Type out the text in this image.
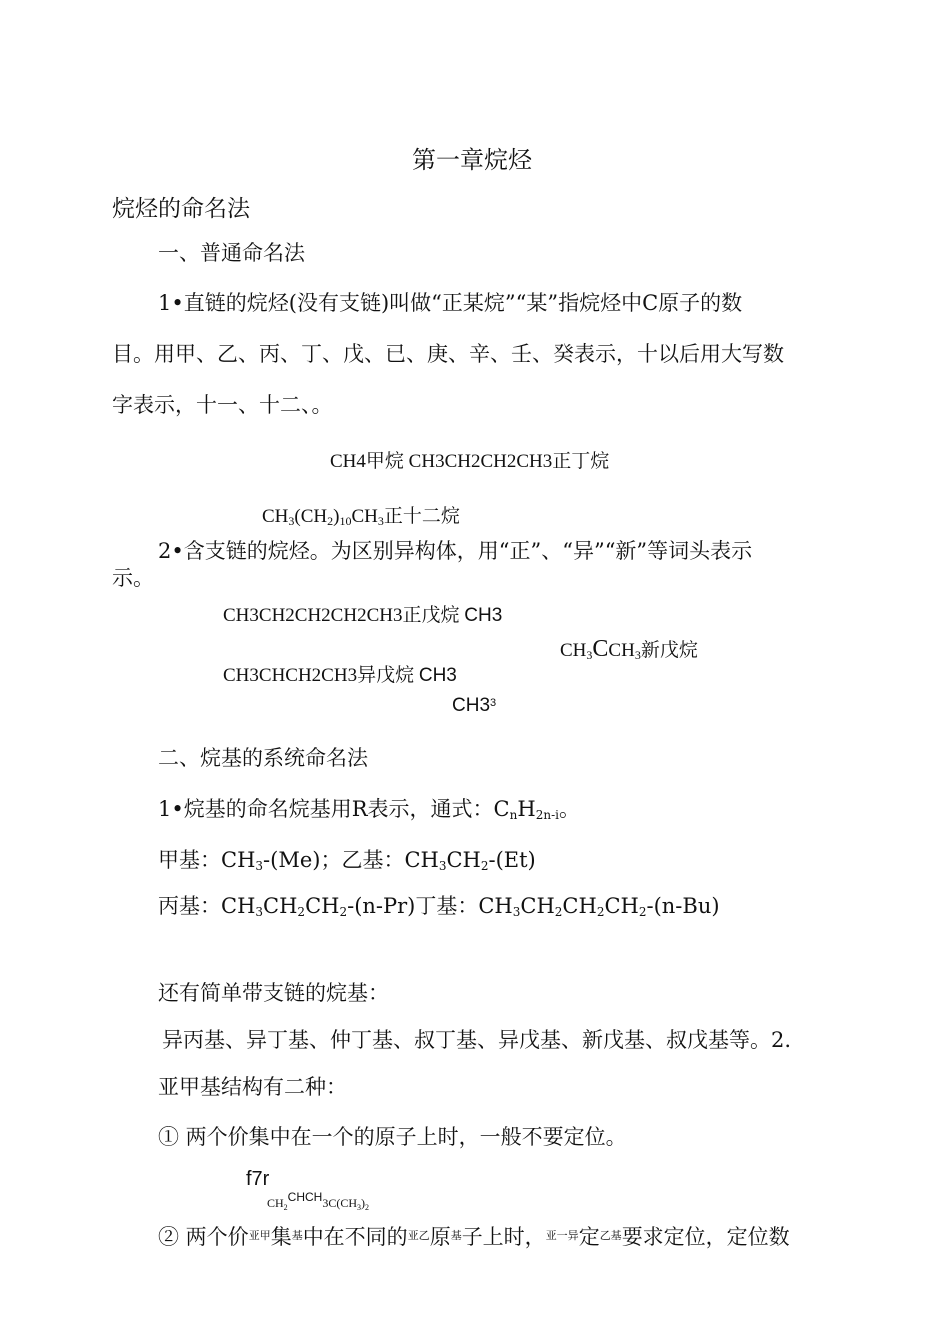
第一章烷烃
烷烃的命名法
一、普通命名法
1•直链的烷烃(没有支链)叫做“正某烷”“某”指烷烃中C原子的数
目。用甲、乙、丙、丁、戊、已、庚、辛、壬、癸表示，十以后用大写数
字表示，十一、十二、。
CH4甲烷 CH3CH2CH2CH3正丁烷
$CH_3(CH_2)_{10}CH_3$正十二烷
2•含支链的烷烃。为区别异构体，用“正”、“异”“新”等词头表示
示。
CH3CH2CH2CH2CH3正戊烷 CH3
$CH_3CCH_3$新戊烷
CH3CHCH2CH3异戊烷 CH3
$CH3^3$
二、烷基的系统命名法
1•烷基的命名烷基用R表示，通式：$C_nH_{2n-i}$。
甲基：$CH_3-(Me)$；乙基：$CH_3CH_2-(Et)$
丙基：$CH_3CH_2CH_2-(n-Pr)$丁基：$CH_3CH_2CH_2CH_2-(n-Bu)$
还有简单带支链的烷基：
异丙基、异丁基、仲丁基、叔丁基、异戊基、新戊基、叔戊基等。2.
亚甲基结构有二种：
① 两个价集中在一个的原子上时，一般不要定位。
f7r
$CH_2CHCH3C(CH_3)_2$
② 两个价$^{亚甲}$集$^基$中在不同的$^{亚乙}$原$^基$子上时，$^{亚一异}$定$^{乙基}$要求定位，定位数
